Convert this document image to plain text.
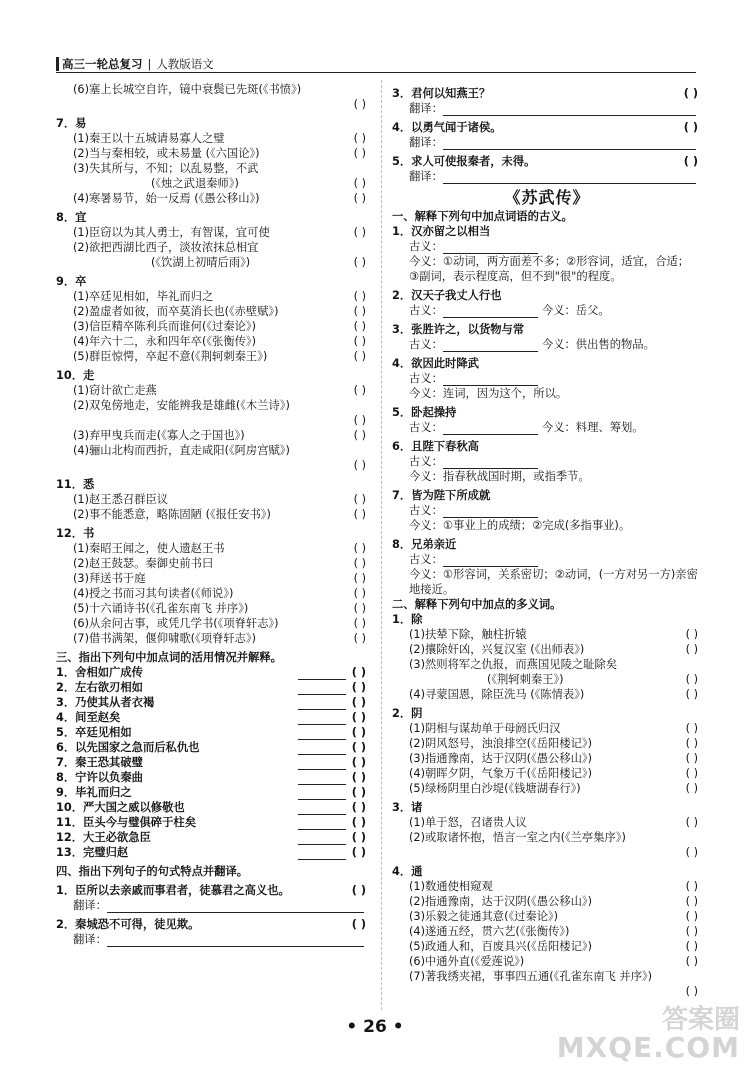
高三一轮总复习 | 人教版语文
(6)塞上长城空自许，镜中衰鬓已先斑(《书愤》)
( )
7．易
(1)秦王以十五城请易寡人之璧	( )
(2)当与秦相较，或未易量 (《六国论》)	( )
(3)失其所与，不知；以乱易整，不武
(《烛之武退秦师》)	( )
(4)寒暑易节，始一反焉 (《愚公移山》)	( )
8．宜
(1)臣窃以为其人勇士，有智谋，宜可使	( )
(2)欲把西湖比西子，淡妆浓抹总相宜
(《饮湖上初晴后雨》)	( )
9．卒
(1)卒廷见相如，毕礼而归之	( )
(2)盈虚者如彼，而卒莫消长也(《赤壁赋》)	( )
(3)信臣精卒陈利兵而谁何(《过秦论》)	( )
(4)年六十二，永和四年卒(《张衡传》)	( )
(5)群臣惊愕，卒起不意(《荆轲刺秦王》)	( )
10．走
(1)窃计欲亡走燕	( )
(2)双兔傍地走，安能辨我是雄雌(《木兰诗》)
( )
(3)弃甲曳兵而走(《寡人之于国也》)	( )
(4)骊山北构而西折，直走咸阳(《阿房宫赋》)
( )
11．悉
(1)赵王悉召群臣议	( )
(2)事不能悉意，略陈固陋 (《报任安书》)	( )
12．书
(1)秦昭王闻之，使人遗赵王书	( )
(2)赵王鼓瑟。秦御史前书曰	( )
(3)拜送书于庭	( )
(4)授之书而习其句读者(《师说》)	( )
(5)十六诵诗书(《孔雀东南飞 并序》)	( )
(6)从余问古事，或凭几学书(《项脊轩志》)	( )
(7)借书满架，偃仰啸歌(《项脊轩志》)	( )
三、指出下列句中加点词的活用情况并解释。
1．舍相如广成传	( )
2．左右欲刃相如	( )
3．乃使其从者衣褐	( )
4．间至赵矣	( )
5．卒廷见相如	( )
6．以先国家之急而后私仇也	( )
7．秦王恐其破璧	( )
8．宁许以负秦曲	( )
9．毕礼而归之	( )
10．严大国之威以修敬也	( )
11．臣头今与璧俱碎于柱矣	( )
12．大王必欲急臣	( )
13．完璧归赵	( )
四、指出下列句子的句式特点并翻译。
1．臣所以去亲戚而事君者，徒慕君之高义也。	( )
翻译：
2．秦城恐不可得，徒见欺。	( )
翻译：
3．君何以知燕王？	( )
翻译：
4．以勇气闻于诸侯。	( )
翻译：
5．求人可使报秦者，未得。	( )
翻译：
《苏武传》
一、解释下列句中加点词语的古义。
1．汉亦留之以相当
古义：
今义：①动词，两方面差不多；②形容词，适宜，合适；③副词，表示程度高，但不到"很"的程度。
2．汉天子我丈人行也
古义：	今义：岳父。
3．张胜许之，以货物与常
古义：	今义：供出售的物品。
4．欲因此时降武
古义：
今义：连词，因为这个，所以。
5．卧起操持
古义：	今义：料理、筹划。
6．且陛下春秋高
古义：
今义：指春秋战国时期，或指季节。
7．皆为陛下所成就
古义：
今义：①事业上的成绩；②完成(多指事业)。
8．兄弟亲近
古义：
今义：①形容词，关系密切；②动词，(一方对另一方)亲密地接近。
二、解释下列句中加点的多义词。
1．除
(1)扶辇下除，触柱折辕	( )
(2)攘除奸凶，兴复汉室 (《出师表》)	( )
(3)然则将军之仇报，而燕国见陵之耻除矣
(《荆轲刺秦王》)	( )
(4)寻蒙国恩，除臣洗马 (《陈情表》)	( )
2．阴
(1)阴相与谋劫单于母阏氏归汉	( )
(2)阴风怒号，浊浪排空(《岳阳楼记》)	( )
(3)指通豫南，达于汉阴(《愚公移山》)	( )
(4)朝晖夕阴，气象万千(《岳阳楼记》)	( )
(5)绿杨阴里白沙堤(《钱塘湖春行》)	( )
3．诸
(1)单于怒，召诸贵人议	( )
(2)或取诸怀抱，悟言一室之内(《兰亭集序》)
( )
4．通
(1)数通使相窥观	( )
(2)指通豫南，达于汉阴(《愚公移山》)	( )
(3)乐毅之徒通其意(《过秦论》)	( )
(4)遂通五经，贯六艺(《张衡传》)	( )
(5)政通人和，百废具兴(《岳阳楼记》)	( )
(6)中通外直(《爱莲说》)	( )
(7)著我绣夹裙，事事四五通(《孔雀东南飞 并序》)
( )
• 26 •	答案圈
MXQE.COM
